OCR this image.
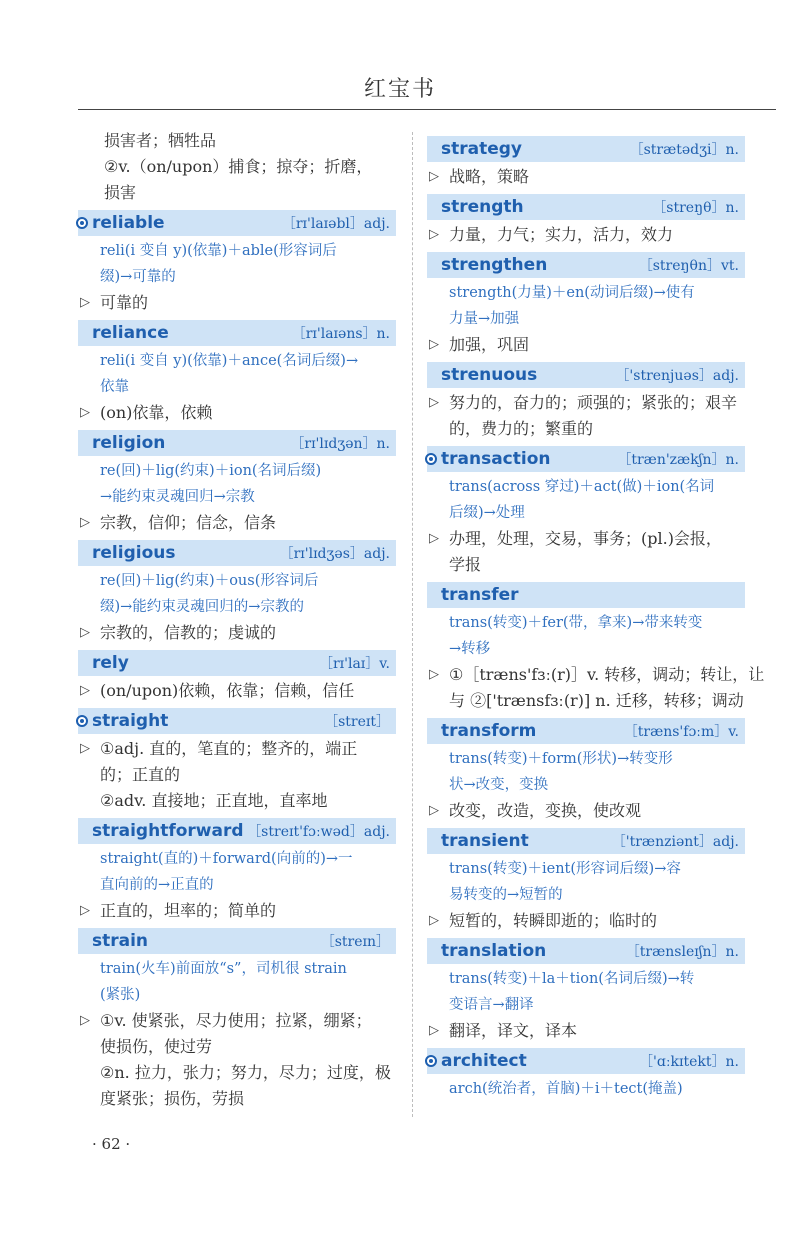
红宝书
损害者；牺牲品
②v.（on/upon）捕食；掠夺；折磨，
损害
reliable	［rɪ'laɪəbl］adj.
reli(i 变自 y)(依靠)＋able(形容词后
缀)→可靠的
▷ 可靠的
reliance	［rɪ'laɪəns］n.
reli(i 变自 y)(依靠)＋ance(名词后缀)→
依靠
▷ (on)依靠，依赖
religion	［rɪ'lɪdʒən］n.
re(回)＋lig(约束)＋ion(名词后缀)
→能约束灵魂回归→宗教
▷ 宗教，信仰；信念，信条
religious	［rɪ'lɪdʒəs］adj.
re(回)＋lig(约束)＋ous(形容词后
缀)→能约束灵魂回归的→宗教的
▷ 宗教的，信教的；虔诚的
rely	［rɪ'laɪ］v.
▷ (on/upon)依赖，依靠；信赖，信任
straight	［streɪt］
▷ ①adj. 直的，笔直的；整齐的，端正
的；正直的
②adv. 直接地；正直地，直率地
straightforward ［streɪt'fɔːwəd］adj.
straight(直的)＋forward(向前的)→一
直向前的→正直的
▷ 正直的，坦率的；简单的
strain	［streɪn］
train(火车)前面放“s”，司机很 strain
(紧张)
▷ ①v. 使紧张，尽力使用；拉紧，绷紧；
使损伤，使过劳
②n. 拉力，张力；努力，尽力；过度，极
度紧张；损伤，劳损
strategy	［strætədʒi］n.
▷ 战略，策略
strength	［streŋθ］n.
▷ 力量，力气；实力，活力，效力
strengthen	［streŋθn］vt.
strength(力量)＋en(动词后缀)→使有
力量→加强
▷ 加强，巩固
strenuous	［'strenjuəs］adj.
▷ 努力的，奋力的；顽强的；紧张的；艰辛
的，费力的；繁重的
transaction	［træn'zækʃn］n.
trans(across 穿过)＋act(做)＋ion(名词
后缀)→处理
▷ 办理，处理，交易，事务；(pl.)会报，
学报
transfer
trans(转变)＋fer(带，拿来)→带来转变
→转移
▷ ①［træns'fɜː(r)］v. 转移，调动；转让，让
与 ②['trænsfɜː(r)] n. 迁移，转移；调动
transform	［træns'fɔːm］v.
trans(转变)＋form(形状)→转变形
状→改变，变换
▷ 改变，改造，变换，使改观
transient	［'trænziənt］adj.
trans(转变)＋ient(形容词后缀)→容
易转变的→短暂的
▷ 短暂的，转瞬即逝的；临时的
translation	［trænsleɪʃn］n.
trans(转变)＋la＋tion(名词后缀)→转
变语言→翻译
▷ 翻译，译文，译本
architect	［'ɑːkɪtekt］n.
arch(统治者，首脑)＋i＋tect(掩盖)
· 62 ·
